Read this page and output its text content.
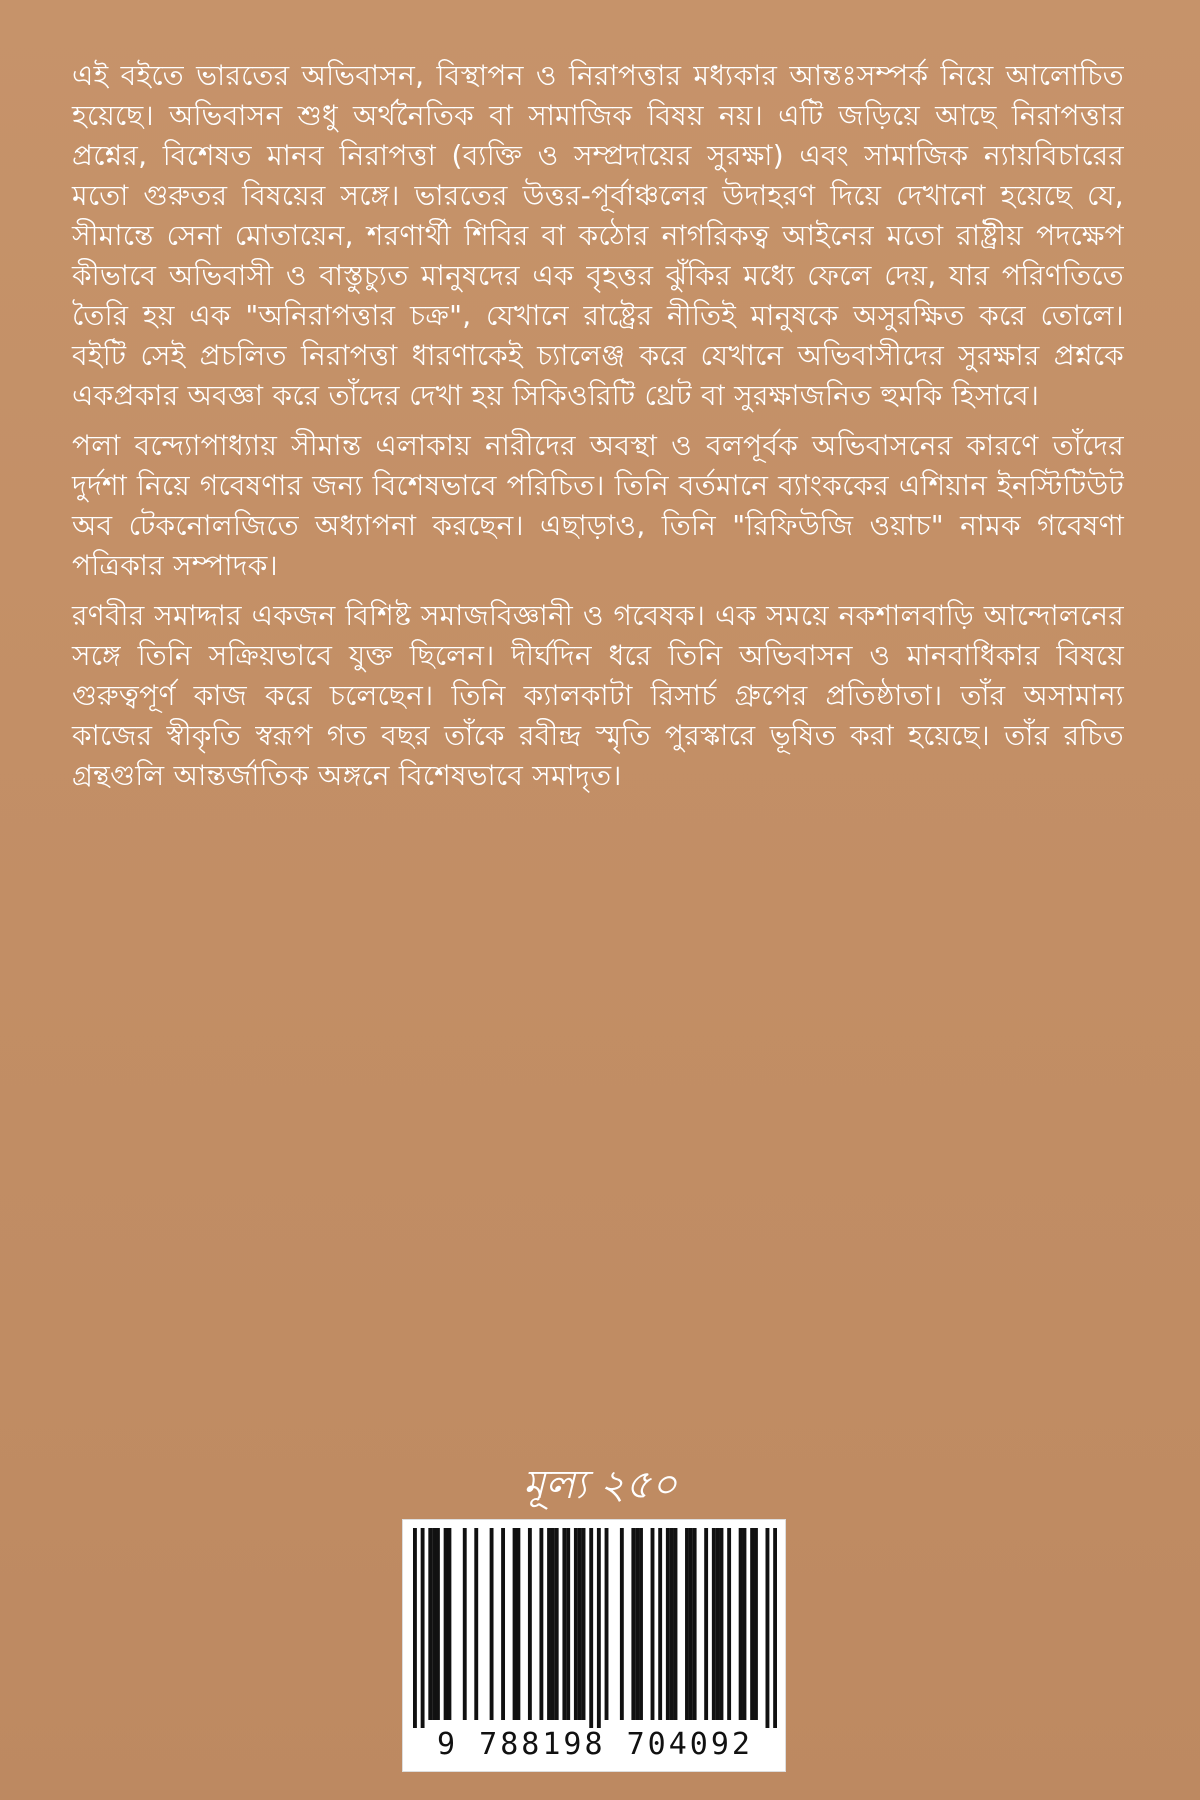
এই বইতে ভারতের অভিবাসন, বিস্থাপন ও নিরাপত্তার মধ্যকার আন্তঃসম্পর্ক নিয়ে আলোচিত হয়েছে। অভিবাসন শুধু অর্থনৈতিক বা সামাজিক বিষয় নয়। এটি জড়িয়ে আছে নিরাপত্তার প্রশ্নের, বিশেষত মানব নিরাপত্তা (ব্যক্তি ও সম্প্রদায়ের সুরক্ষা) এবং সামাজিক ন্যায়বিচারের মতো গুরুতর বিষয়ের সঙ্গে। ভারতের উত্তর-পূর্বাঞ্চলের উদাহরণ দিয়ে দেখানো হয়েছে যে, সীমান্তে সেনা মোতায়েন, শরণার্থী শিবির বা কঠোর নাগরিকত্ব আইনের মতো রাষ্ট্রীয় পদক্ষেপ কীভাবে অভিবাসী ও বাস্তুচ্যুত মানুষদের এক বৃহত্তর ঝুঁকির মধ্যে ফেলে দেয়, যার পরিণতিতে তৈরি হয় এক "অনিরাপত্তার চক্র", যেখানে রাষ্ট্রের নীতিই মানুষকে অসুরক্ষিত করে তোলে। বইটি সেই প্রচলিত নিরাপত্তা ধারণাকেই চ্যালেঞ্জ করে যেখানে অভিবাসীদের সুরক্ষার প্রশ্নকে একপ্রকার অবজ্ঞা করে তাঁদের দেখা হয় সিকিওরিটি থ্রেট বা সুরক্ষাজনিত হুমকি হিসাবে।

পলা বন্দ্যোপাধ্যায় সীমান্ত এলাকায় নারীদের অবস্থা ও বলপূর্বক অভিবাসনের কারণে তাঁদের দুর্দশা নিয়ে গবেষণার জন্য বিশেষভাবে পরিচিত। তিনি বর্তমানে ব্যাংককের এশিয়ান ইনস্টিটিউট অব টেকনোলজিতে অধ্যাপনা করছেন। এছাড়াও, তিনি "রিফিউজি ওয়াচ" নামক গবেষণা পত্রিকার সম্পাদক।

রণবীর সমাদ্দার একজন বিশিষ্ট সমাজবিজ্ঞানী ও গবেষক। এক সময়ে নকশালবাড়ি আন্দোলনের সঙ্গে তিনি সক্রিয়ভাবে যুক্ত ছিলেন। দীর্ঘদিন ধরে তিনি অভিবাসন ও মানবাধিকার বিষয়ে গুরুত্বপূর্ণ কাজ করে চলেছেন। তিনি ক্যালকাটা রিসার্চ গ্রুপের প্রতিষ্ঠাতা। তাঁর অসামান্য কাজের স্বীকৃতি স্বরূপ গত বছর তাঁকে রবীন্দ্র স্মৃতি পুরস্কারে ভূষিত করা হয়েছে। তাঁর রচিত গ্রন্থগুলি আন্তর্জাতিক অঙ্গনে বিশেষভাবে সমাদৃত।

মূল্য ২৫০
9 788198 704092
